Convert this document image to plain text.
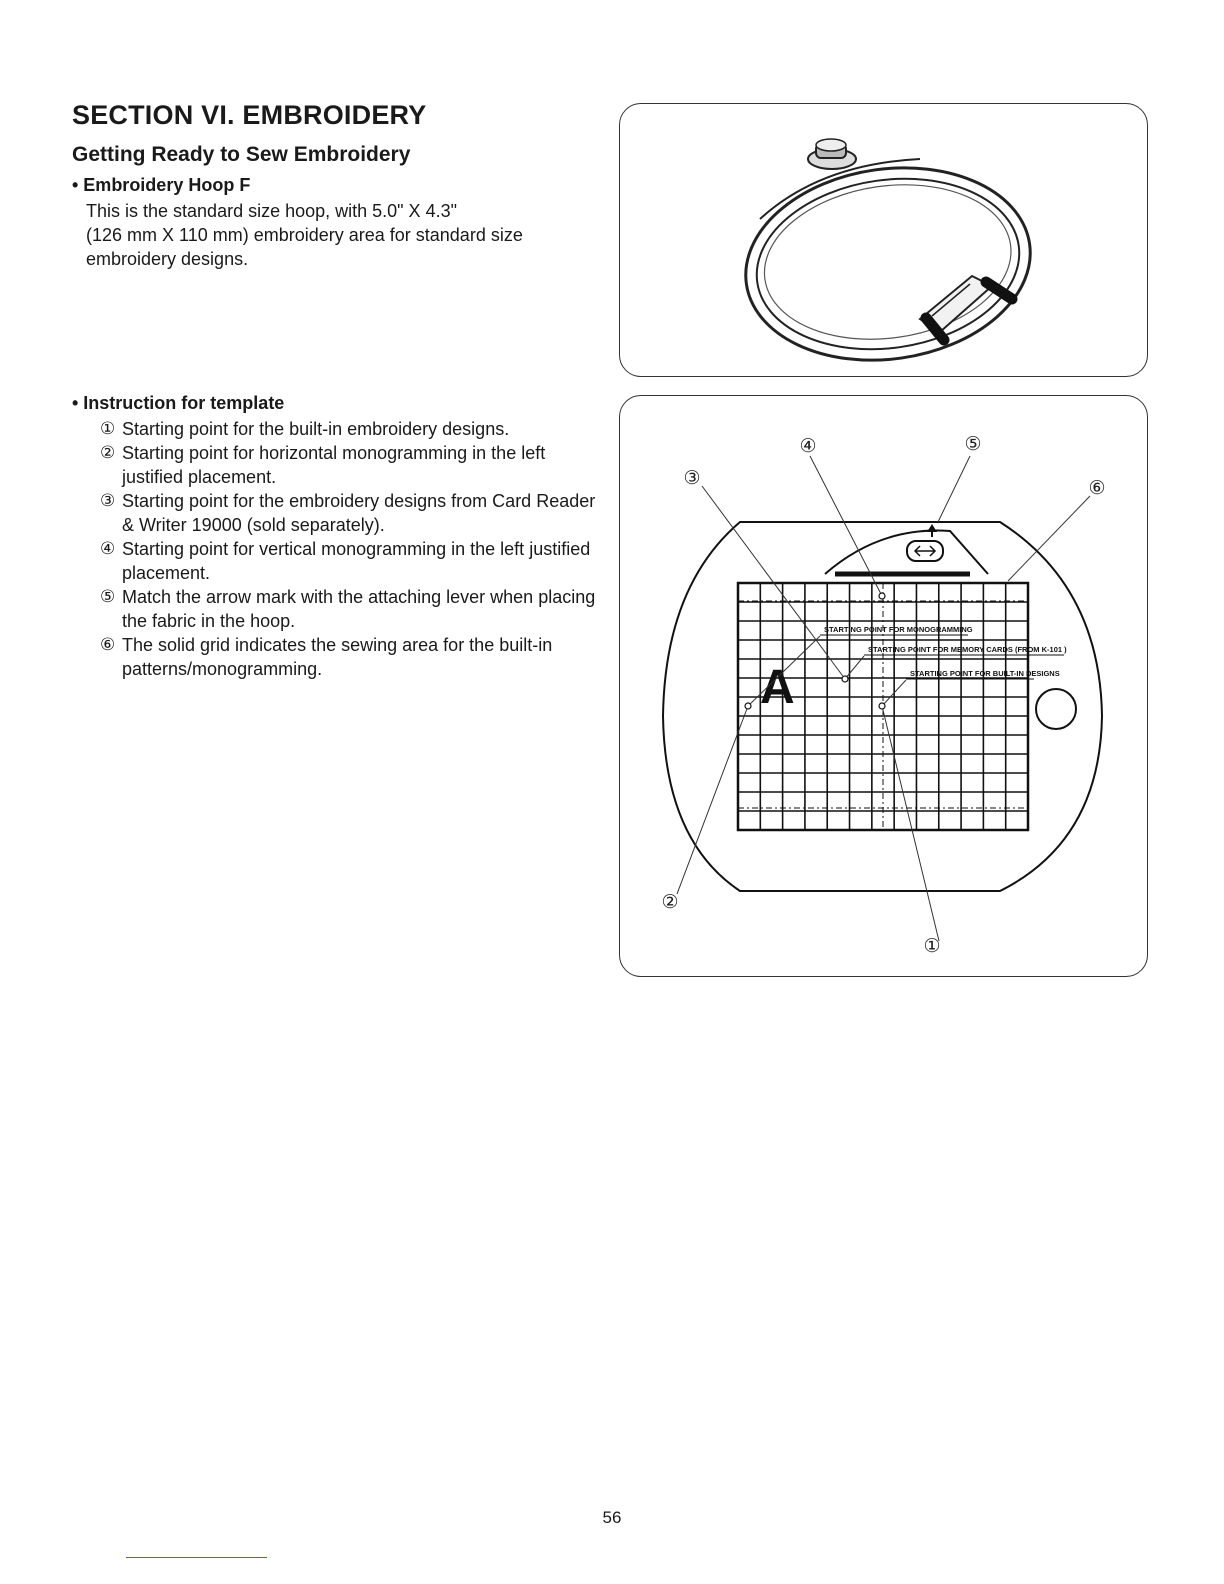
SECTION VI. EMBROIDERY
Getting Ready to Sew Embroidery
• Embroidery Hoop F
This is the standard size hoop, with 5.0" X 4.3"
(126 mm X 110 mm) embroidery area for standard size
embroidery designs.
• Instruction for template
① Starting point for the built-in embroidery designs.
② Starting point for horizontal monogramming in the left justified placement.
③ Starting point for the embroidery designs from Card Reader & Writer 19000 (sold separately).
④ Starting point for vertical monogramming in the left justified placement.
⑤ Match the arrow mark with the attaching lever when placing the fabric in the hoop.
⑥ The solid grid indicates the sewing area for the built-in patterns/monogramming.	A
STARTING POINT FOR MONOGRAMMING
STARTING POINT FOR MEMORY CARDS (FROM K-101 )
STARTING POINT FOR BUILT-IN DESIGNS
①
②
③
④	⑤
⑥
56
